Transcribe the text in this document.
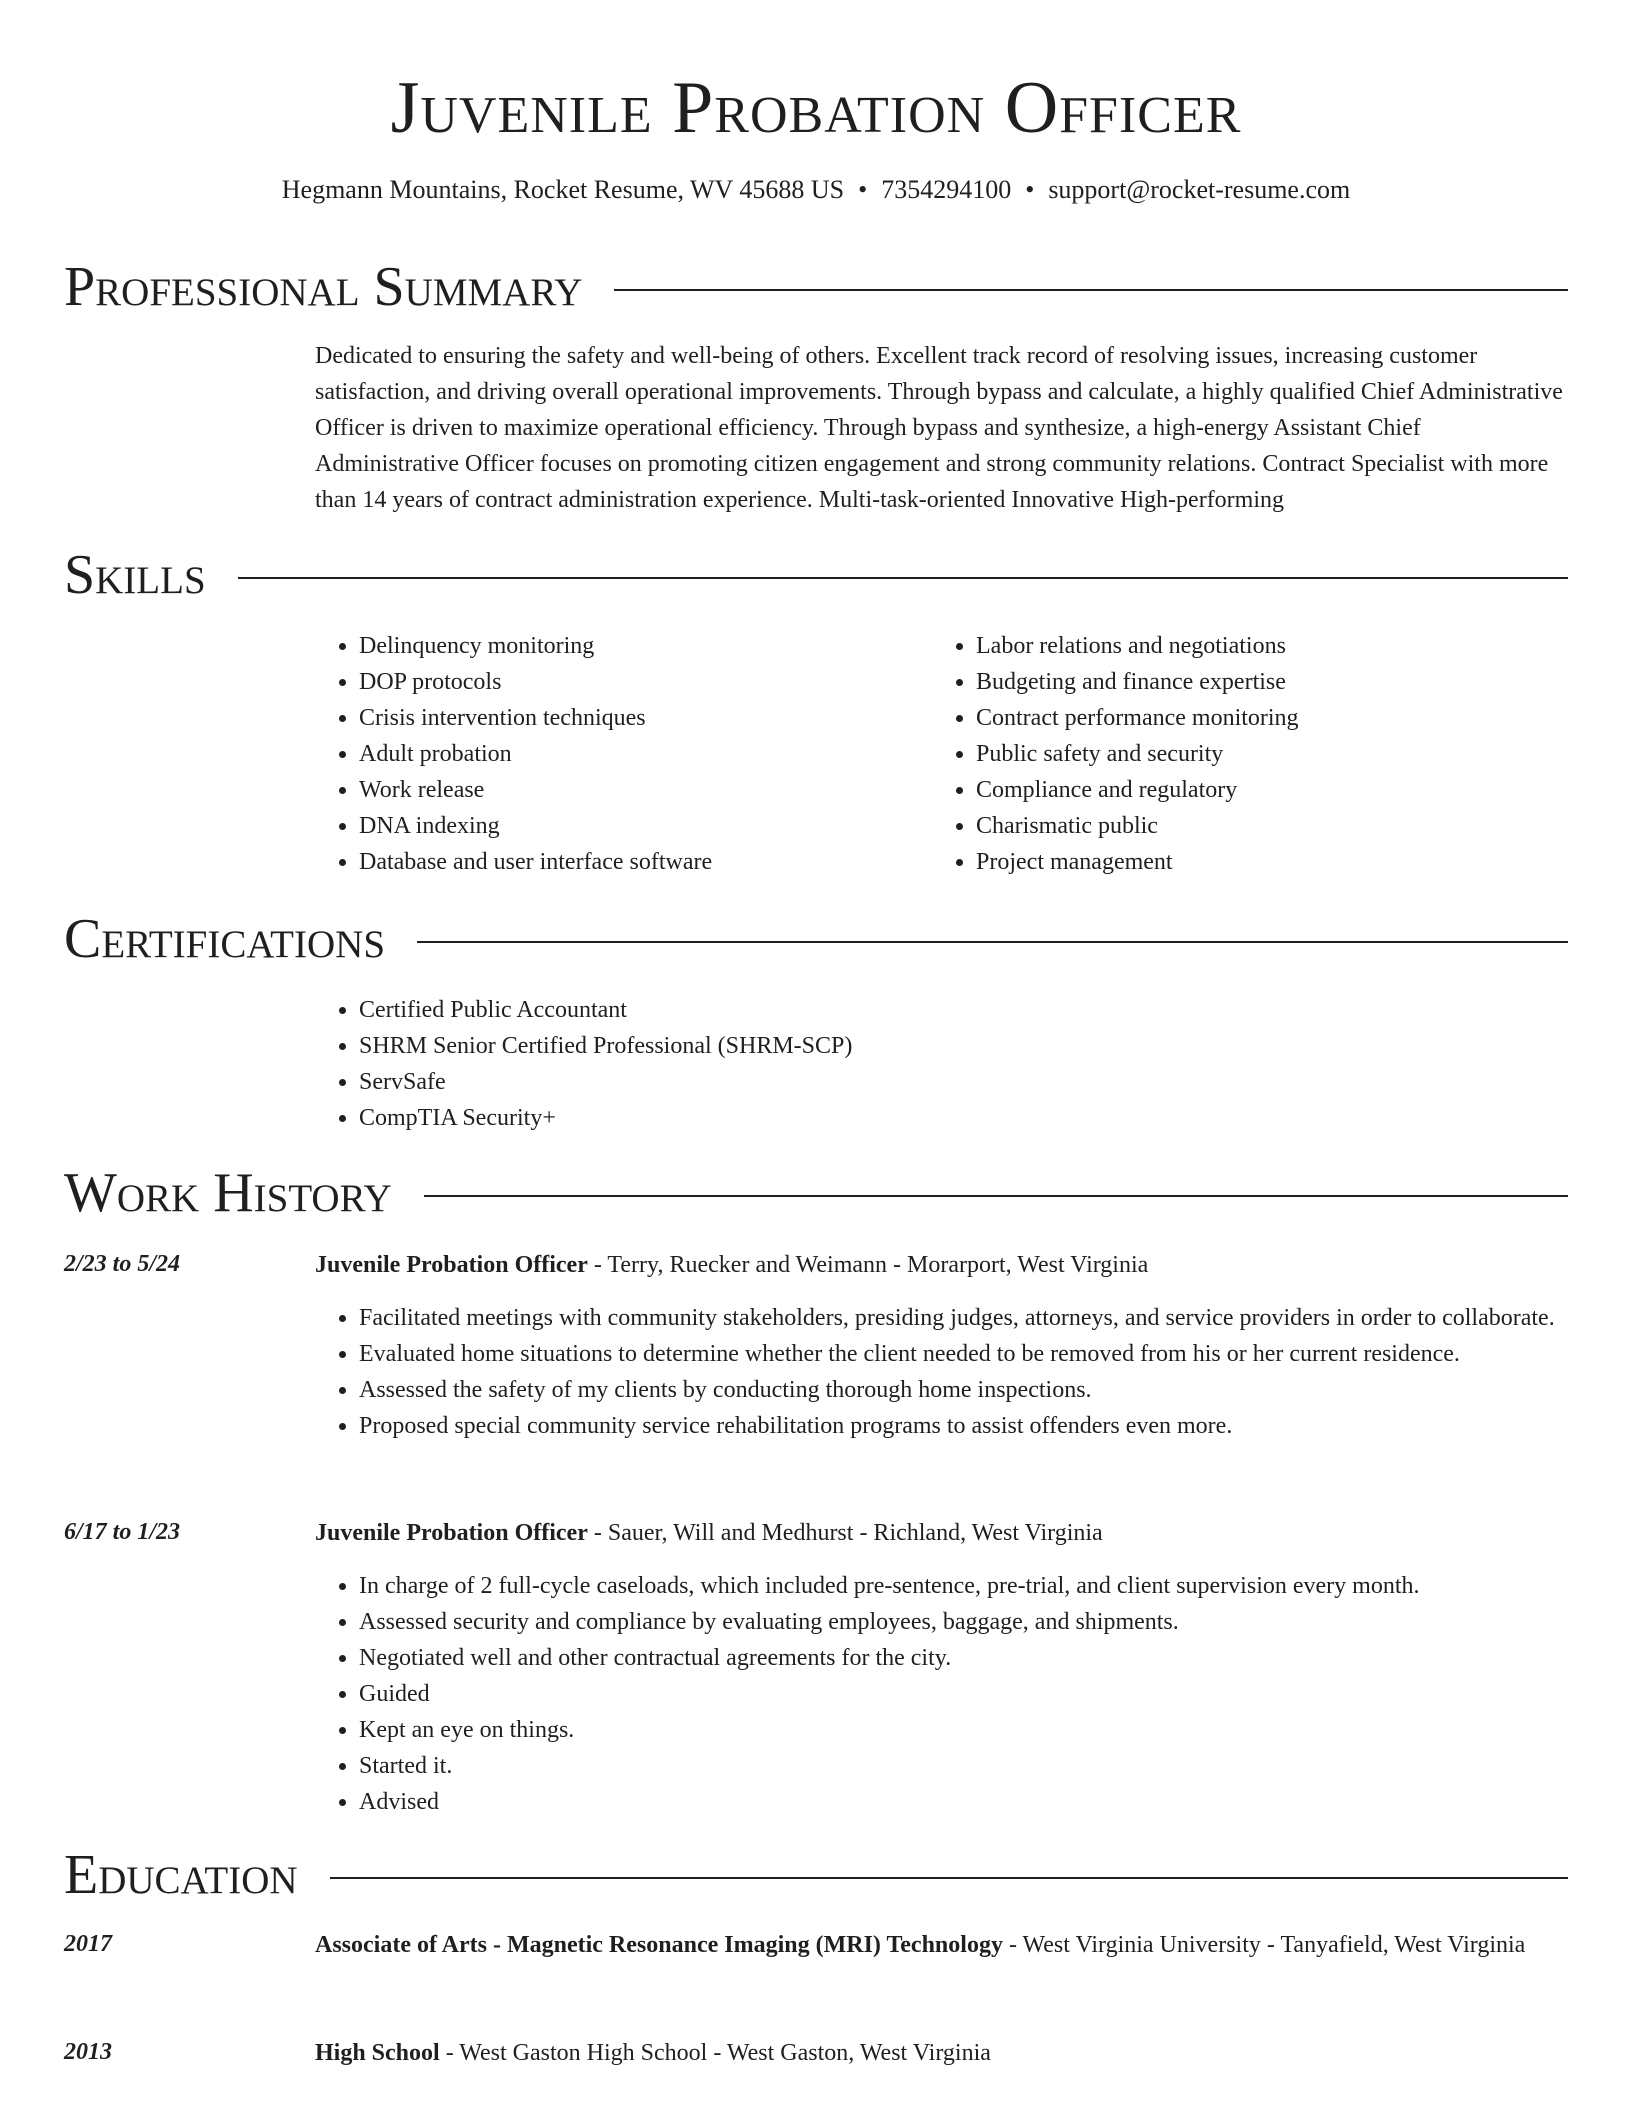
Juvenile Probation Officer
Hegmann Mountains, Rocket Resume, WV 45688 US • 7354294100 • support@rocket-resume.com
Professional Summary

Dedicated to ensuring the safety and well-being of others. Excellent track record of resolving issues, increasing customer satisfaction, and driving overall operational improvements. Through bypass and calculate, a highly qualified Chief Administrative Officer is driven to maximize operational efficiency. Through bypass and synthesize, a high-energy Assistant Chief Administrative Officer focuses on promoting citizen engagement and strong community relations. Contract Specialist with more than 14 years of contract administration experience. Multi-task-oriented Innovative High-performing

Skills
• Delinquency monitoring
• DOP protocols
• Crisis intervention techniques
• Adult probation
• Work release
• DNA indexing
• Database and user interface software
• Labor relations and negotiations
• Budgeting and finance expertise
• Contract performance monitoring
• Public safety and security
• Compliance and regulatory
• Charismatic public
• Project management
Certifications
• Certified Public Accountant
• SHRM Senior Certified Professional (SHRM-SCP)
• ServSafe
• CompTIA Security+
Work History
2/23 to 5/24	Juvenile Probation Officer - Terry, Ruecker and Weimann - Morarport, West Virginia
• Facilitated meetings with community stakeholders, presiding judges, attorneys, and service providers in order to collaborate.
• Evaluated home situations to determine whether the client needed to be removed from his or her current residence.
• Assessed the safety of my clients by conducting thorough home inspections.
• Proposed special community service rehabilitation programs to assist offenders even more.
6/17 to 1/23	Juvenile Probation Officer - Sauer, Will and Medhurst - Richland, West Virginia
• In charge of 2 full-cycle caseloads, which included pre-sentence, pre-trial, and client supervision every month.
• Assessed security and compliance by evaluating employees, baggage, and shipments.
• Negotiated well and other contractual agreements for the city.
• Guided
• Kept an eye on things.
• Started it.
• Advised
Education
2017	Associate of Arts - Magnetic Resonance Imaging (MRI) Technology - West Virginia University - Tanyafield, West Virginia
2013	High School - West Gaston High School - West Gaston, West Virginia
